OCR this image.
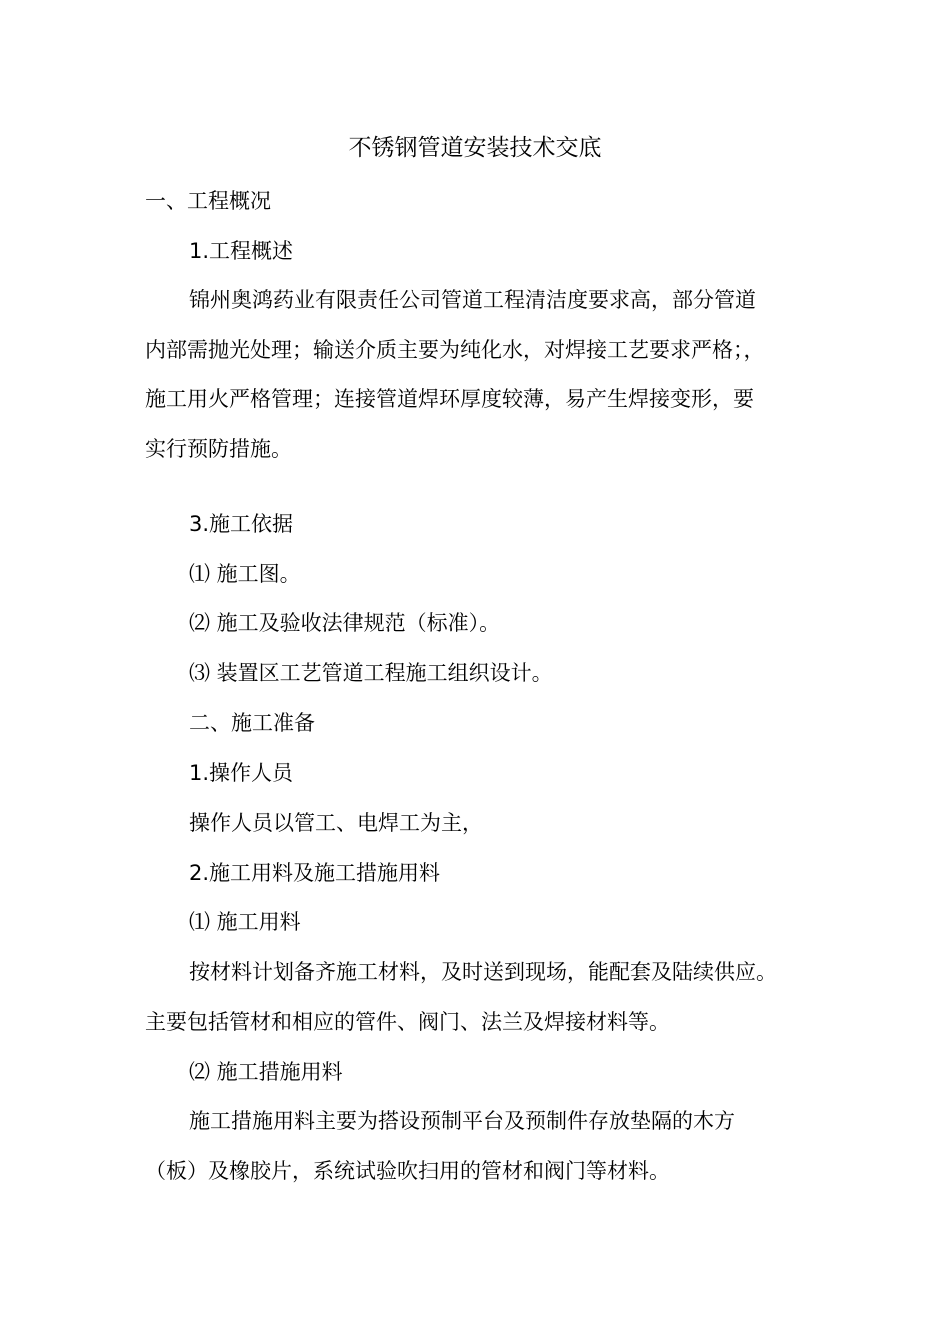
不锈钢管道安装技术交底
一、工程概况
1.工程概述
锦州奥鸿药业有限责任公司管道工程清洁度要求高，部分管道
内部需抛光处理；输送介质主要为纯化水，对焊接工艺要求严格；，
施工用火严格管理；连接管道焊环厚度较薄，易产生焊接变形，要
实行预防措施。
3.施工依据
⑴ 施工图。
⑵ 施工及验收法律规范（标准）。
⑶ 装置区工艺管道工程施工组织设计。
二、施工准备
1.操作人员
操作人员以管工、电焊工为主，
2.施工用料及施工措施用料
⑴ 施工用料
按材料计划备齐施工材料，及时送到现场，能配套及陆续供应。
主要包括管材和相应的管件、阀门、法兰及焊接材料等。
⑵ 施工措施用料
施工措施用料主要为搭设预制平台及预制件存放垫隔的木方
（板）及橡胶片，系统试验吹扫用的管材和阀门等材料。
